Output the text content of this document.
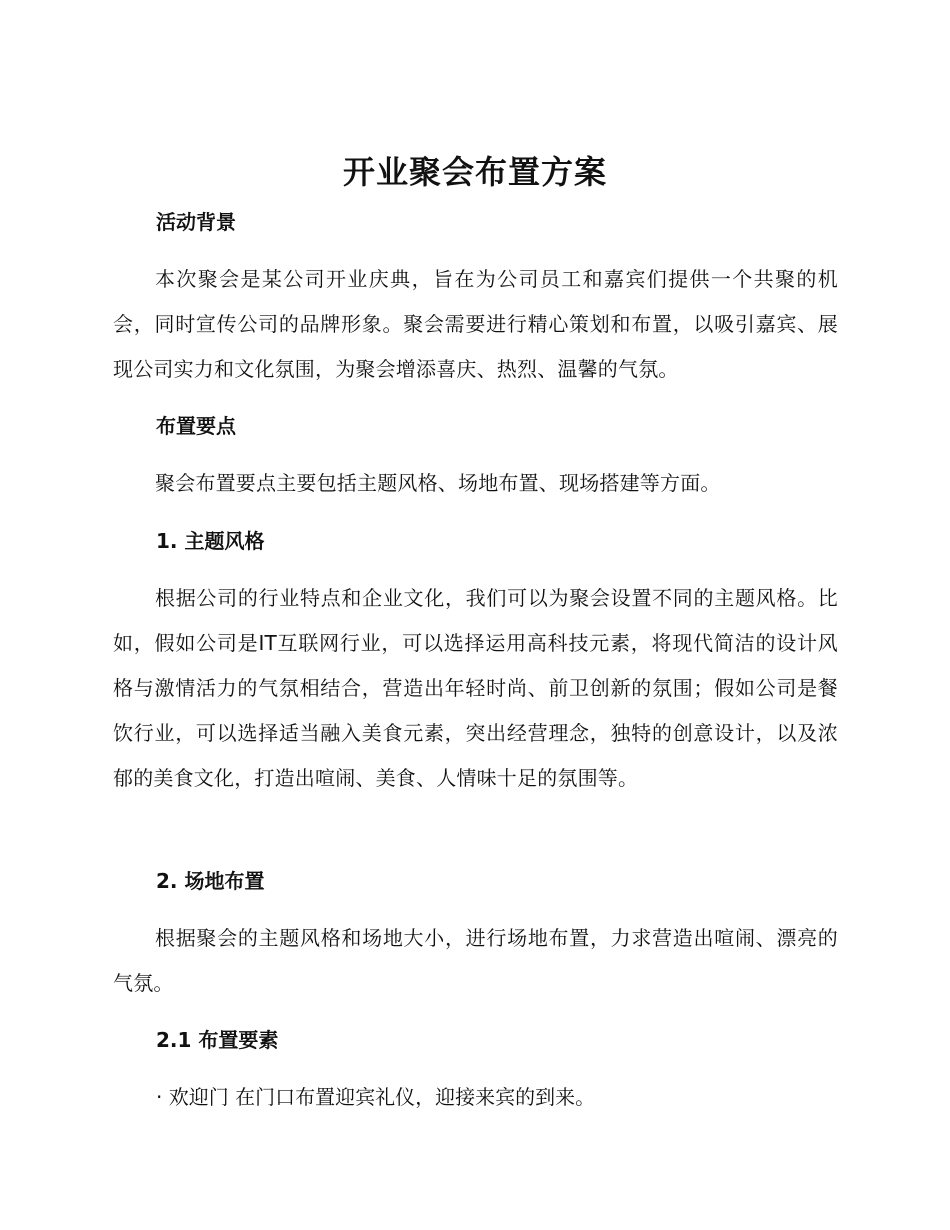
开业聚会布置方案
活动背景
本次聚会是某公司开业庆典，旨在为公司员工和嘉宾们提供一个共聚的机会，同时宣传公司的品牌形象。聚会需要进行精心策划和布置，以吸引嘉宾、展现公司实力和文化氛围，为聚会增添喜庆、热烈、温馨的气氛。
布置要点
聚会布置要点主要包括主题风格、场地布置、现场搭建等方面。
1. 主题风格
根据公司的行业特点和企业文化，我们可以为聚会设置不同的主题风格。比如，假如公司是IT互联网行业，可以选择运用高科技元素，将现代简洁的设计风格与激情活力的气氛相结合，营造出年轻时尚、前卫创新的氛围；假如公司是餐饮行业，可以选择适当融入美食元素，突出经营理念，独特的创意设计，以及浓郁的美食文化，打造出喧闹、美食、人情味十足的氛围等。
2. 场地布置
根据聚会的主题风格和场地大小，进行场地布置，力求营造出喧闹、漂亮的气氛。
2.1 布置要素
· 欢迎门 在门口布置迎宾礼仪，迎接来宾的到来。
